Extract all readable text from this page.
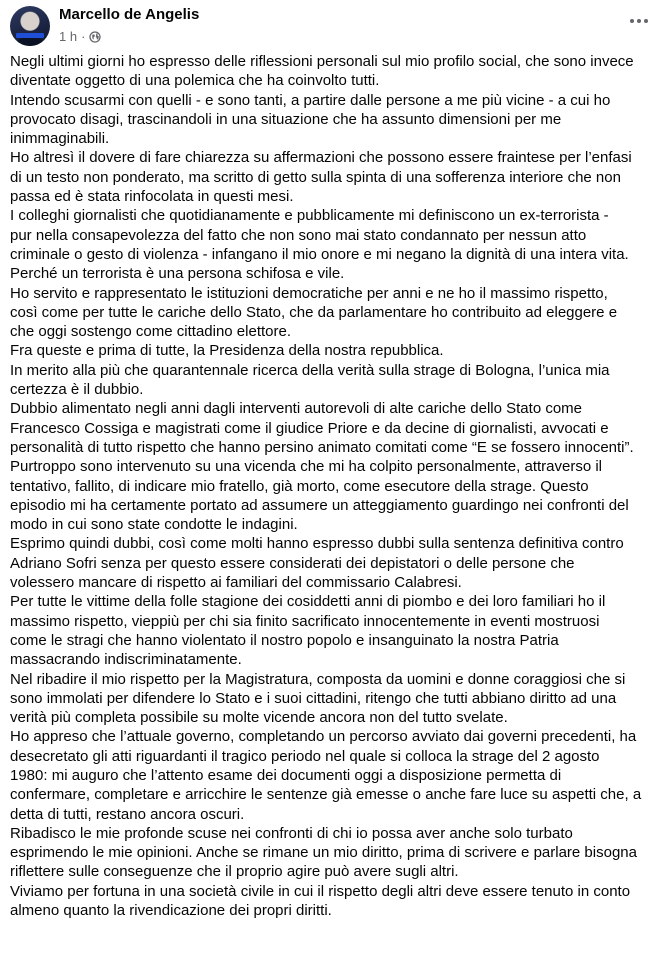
Marcello de Angelis
1 h ·

Negli ultimi giorni ho espresso delle riflessioni personali sul mio profilo social, che sono invece
diventate oggetto di una polemica che ha coinvolto tutti.

Intendo scusarmi con quelli - e sono tanti, a partire dalle persone a me più vicine - a cui ho
provocato disagi, trascinandoli in una situazione che ha assunto dimensioni per me
inimmaginabili.

Ho altresì il dovere di fare chiarezza su affermazioni che possono essere fraintese per l’enfasi
di un testo non ponderato, ma scritto di getto sulla spinta di una sofferenza interiore che non
passa ed è stata rinfocolata in questi mesi.

I colleghi giornalisti che quotidianamente e pubblicamente mi definiscono un ex-terrorista -
pur nella consapevolezza del fatto che non sono mai stato condannato per nessun atto
criminale o gesto di violenza - infangano il mio onore e mi negano la dignità di una intera vita.

Perché un terrorista è una persona schifosa e vile.

Ho servito e rappresentato le istituzioni democratiche per anni e ne ho il massimo rispetto,
così come per tutte le cariche dello Stato, che da parlamentare ho contribuito ad eleggere e
che oggi sostengo come cittadino elettore.

Fra queste e prima di tutte, la Presidenza della nostra repubblica.

In merito alla più che quarantennale ricerca della verità sulla strage di Bologna, l’unica mia
certezza è il dubbio.

Dubbio alimentato negli anni dagli interventi autorevoli di alte cariche dello Stato come
Francesco Cossiga e magistrati come il giudice Priore e da decine di giornalisti, avvocati e
personalità di tutto rispetto che hanno persino animato comitati come “E se fossero innocenti”.

Purtroppo sono intervenuto su una vicenda che mi ha colpito personalmente, attraverso il
tentativo, fallito, di indicare mio fratello, già morto, come esecutore della strage. Questo
episodio mi ha certamente portato ad assumere un atteggiamento guardingo nei confronti del
modo in cui sono state condotte le indagini.

Esprimo quindi dubbi, così come molti hanno espresso dubbi sulla sentenza definitiva contro
Adriano Sofri senza per questo essere considerati dei depistatori o delle persone che
volessero mancare di rispetto ai familiari del commissario Calabresi.

Per tutte le vittime della folle stagione dei cosiddetti anni di piombo e dei loro familiari ho il
massimo rispetto, vieppiù per chi sia finito sacrificato innocentemente in eventi mostruosi
come le stragi che hanno violentato il nostro popolo e insanguinato la nostra Patria
massacrando indiscriminatamente.

Nel ribadire il mio rispetto per la Magistratura, composta da uomini e donne coraggiosi che si
sono immolati per difendere lo Stato e i suoi cittadini, ritengo che tutti abbiano diritto ad una
verità più completa possibile su molte vicende ancora non del tutto svelate.

Ho appreso che l’attuale governo, completando un percorso avviato dai governi precedenti, ha
desecretato gli atti riguardanti il tragico periodo nel quale si colloca la strage del 2 agosto
1980: mi auguro che l’attento esame dei documenti oggi a disposizione permetta di
confermare, completare e arricchire le sentenze già emesse o anche fare luce su aspetti che, a
detta di tutti, restano ancora oscuri.

Ribadisco le mie profonde scuse nei confronti di chi io possa aver anche solo turbato
esprimendo le mie opinioni. Anche se rimane un mio diritto, prima di scrivere e parlare bisogna
riflettere sulle conseguenze che il proprio agire può avere sugli altri.

Viviamo per fortuna in una società civile in cui il rispetto degli altri deve essere tenuto in conto
almeno quanto la rivendicazione dei propri diritti.
